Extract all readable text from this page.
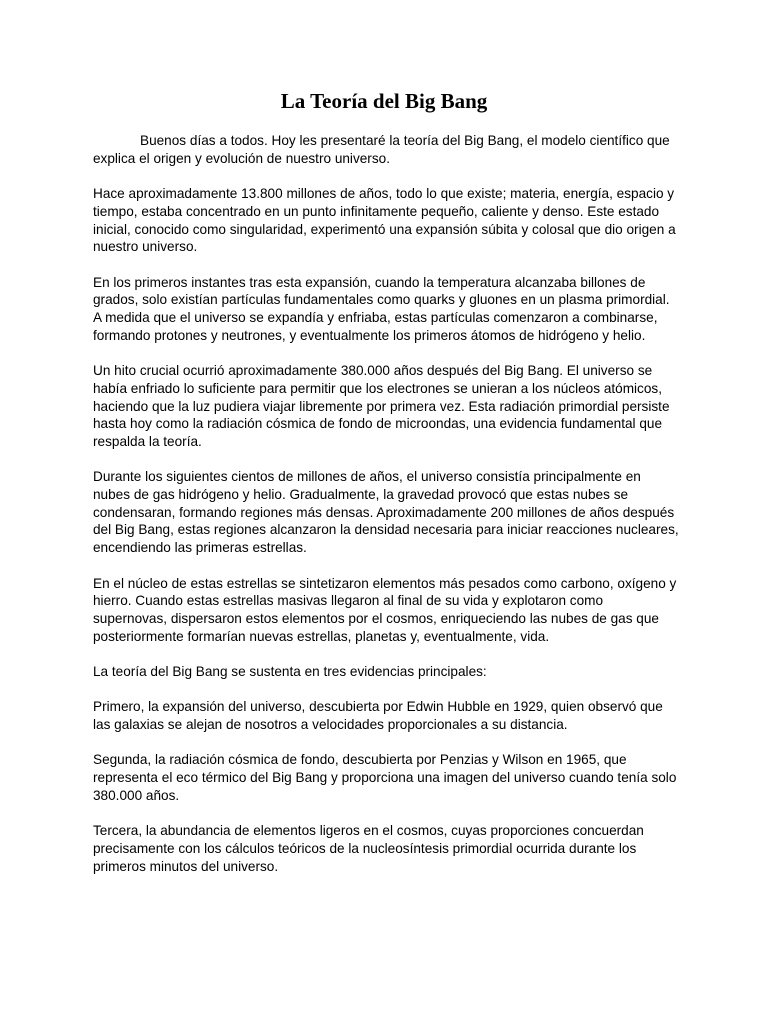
La Teoría del Big Bang

Buenos días a todos. Hoy les presentaré la teoría del Big Bang, el modelo científico que explica el origen y evolución de nuestro universo.

Hace aproximadamente 13.800 millones de años, todo lo que existe; materia, energía, espacio y tiempo, estaba concentrado en un punto infinitamente pequeño, caliente y denso. Este estado inicial, conocido como singularidad, experimentó una expansión súbita y colosal que dio origen a nuestro universo.

En los primeros instantes tras esta expansión, cuando la temperatura alcanzaba billones de grados, solo existían partículas fundamentales como quarks y gluones en un plasma primordial. A medida que el universo se expandía y enfriaba, estas partículas comenzaron a combinarse, formando protones y neutrones, y eventualmente los primeros átomos de hidrógeno y helio.

Un hito crucial ocurrió aproximadamente 380.000 años después del Big Bang. El universo se había enfriado lo suficiente para permitir que los electrones se unieran a los núcleos atómicos, haciendo que la luz pudiera viajar libremente por primera vez. Esta radiación primordial persiste hasta hoy como la radiación cósmica de fondo de microondas, una evidencia fundamental que respalda la teoría.

Durante los siguientes cientos de millones de años, el universo consistía principalmente en nubes de gas hidrógeno y helio. Gradualmente, la gravedad provocó que estas nubes se condensaran, formando regiones más densas. Aproximadamente 200 millones de años después del Big Bang, estas regiones alcanzaron la densidad necesaria para iniciar reacciones nucleares, encendiendo las primeras estrellas.

En el núcleo de estas estrellas se sintetizaron elementos más pesados como carbono, oxígeno y hierro. Cuando estas estrellas masivas llegaron al final de su vida y explotaron como supernovas, dispersaron estos elementos por el cosmos, enriqueciendo las nubes de gas que posteriormente formarían nuevas estrellas, planetas y, eventualmente, vida.

La teoría del Big Bang se sustenta en tres evidencias principales:

Primero, la expansión del universo, descubierta por Edwin Hubble en 1929, quien observó que las galaxias se alejan de nosotros a velocidades proporcionales a su distancia.

Segunda, la radiación cósmica de fondo, descubierta por Penzias y Wilson en 1965, que representa el eco térmico del Big Bang y proporciona una imagen del universo cuando tenía solo 380.000 años.

Tercera, la abundancia de elementos ligeros en el cosmos, cuyas proporciones concuerdan precisamente con los cálculos teóricos de la nucleosíntesis primordial ocurrida durante los primeros minutos del universo.
